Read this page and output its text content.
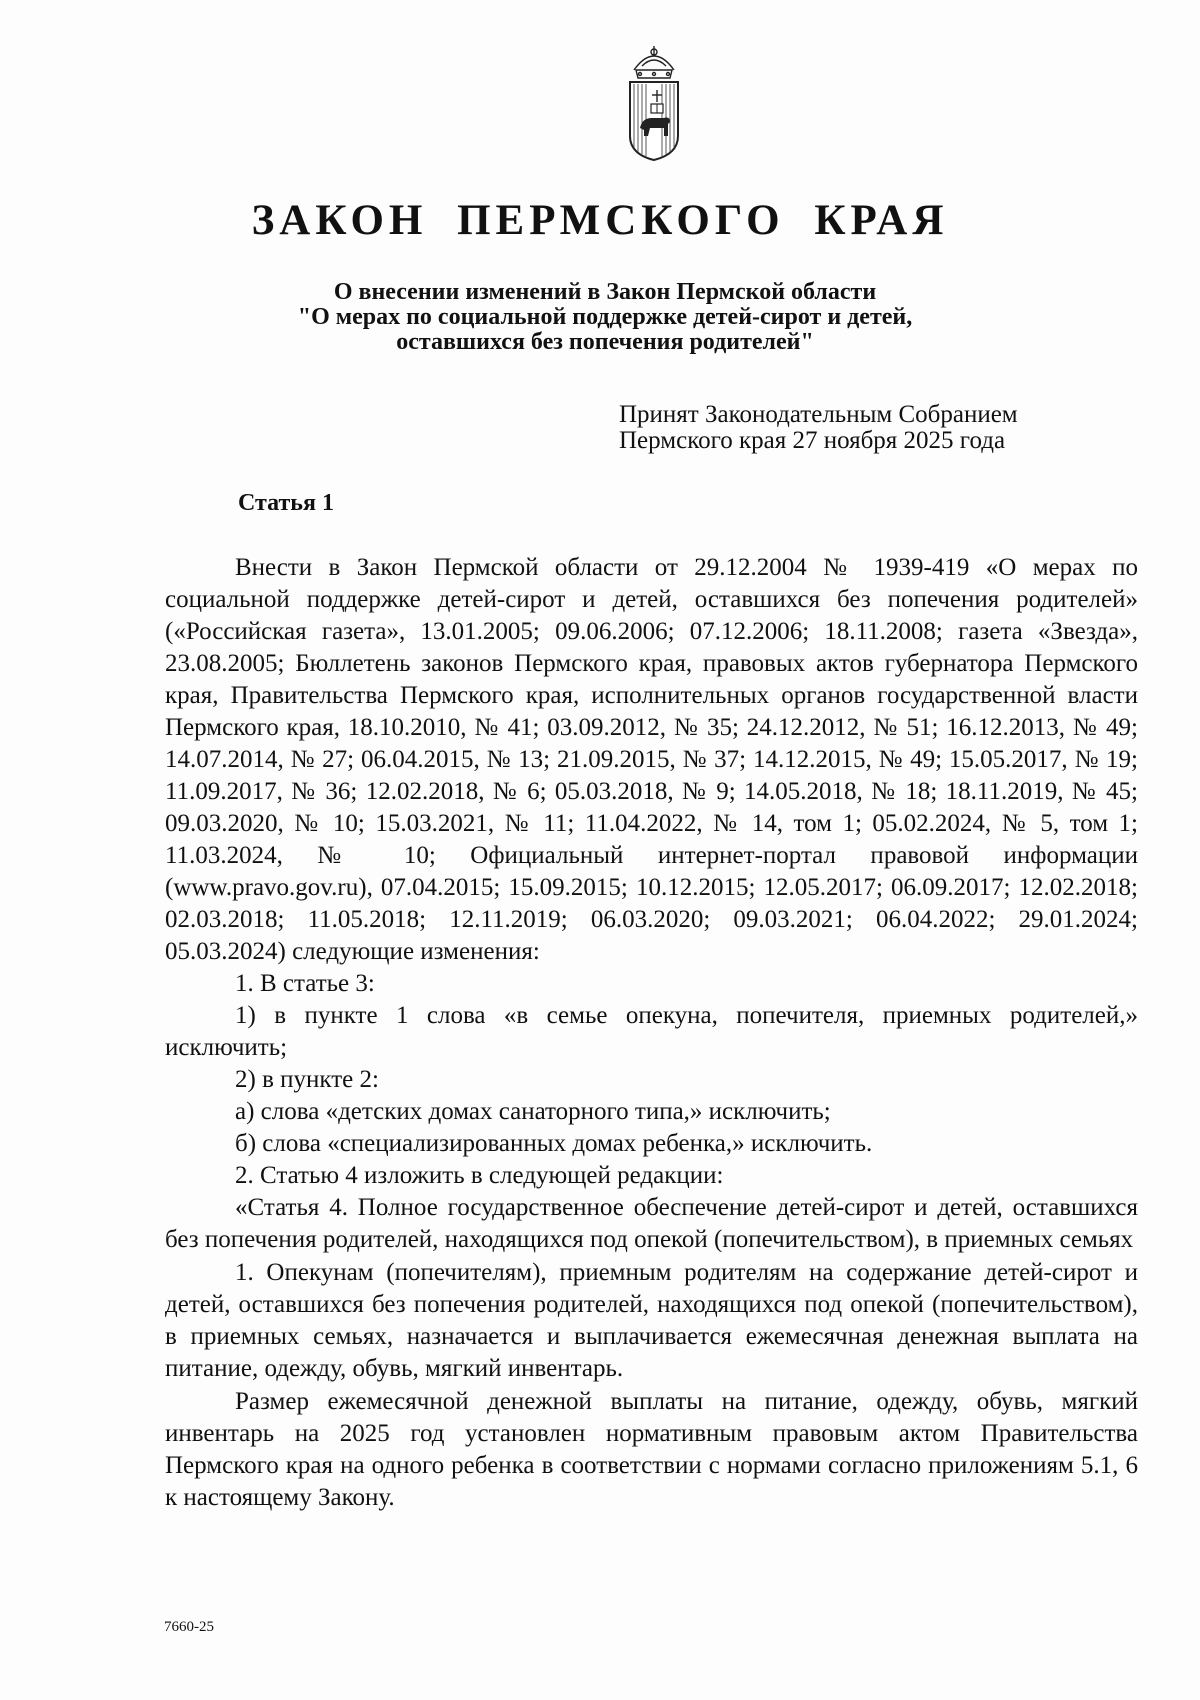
ЗАКОН ПЕРМСКОГО КРАЯ
О внесении изменений в Закон Пермской области
"О мерах по социальной поддержке детей-сирот и детей,
оставшихся без попечения родителей"
Принят Законодательным Собранием
Пермского края 27 ноября 2025 года
Статья 1

Внести в Закон Пермской области от 29.12.2004 № 1939-419 «О мерах по социальной поддержке детей-сирот и детей, оставшихся без попечения родителей» («Российская газета», 13.01.2005; 09.06.2006; 07.12.2006; 18.11.2008; газета «Звезда», 23.08.2005; Бюллетень законов Пермского края, правовых актов губернатора Пермского края, Правительства Пермского края, исполнительных органов государственной власти Пермского края, 18.10.2010, № 41; 03.09.2012, № 35; 24.12.2012, № 51; 16.12.2013, № 49; 14.07.2014, № 27; 06.04.2015, № 13; 21.09.2015, № 37; 14.12.2015, № 49; 15.05.2017, № 19; 11.09.2017, № 36; 12.02.2018, № 6; 05.03.2018, № 9; 14.05.2018, № 18; 18.11.2019, № 45; 09.03.2020, № 10; 15.03.2021, № 11; 11.04.2022, № 14, том 1; 05.02.2024, № 5, том 1; 11.03.2024, № 10; Официальный интернет-портал правовой информации (www.pravo.gov.ru), 07.04.2015; 15.09.2015; 10.12.2015; 12.05.2017; 06.09.2017; 12.02.2018; 02.03.2018; 11.05.2018; 12.11.2019; 06.03.2020; 09.03.2021; 06.04.2022; 29.01.2024; 05.03.2024) следующие изменения:

1. В статье 3:

1) в пункте 1 слова «в семье опекуна, попечителя, приемных родителей,» исключить;

2) в пункте 2:

а) слова «детских домах санаторного типа,» исключить;

б) слова «специализированных домах ребенка,» исключить.

2. Статью 4 изложить в следующей редакции:

«Статья 4. Полное государственное обеспечение детей-сирот и детей, оставшихся без попечения родителей, находящихся под опекой (попечительством), в приемных семьях

1. Опекунам (попечителям), приемным родителям на содержание детей-сирот и детей, оставшихся без попечения родителей, находящихся под опекой (попечительством), в приемных семьях, назначается и выплачивается ежемесячная денежная выплата на питание, одежду, обувь, мягкий инвентарь.

Размер ежемесячной денежной выплаты на питание, одежду, обувь, мягкий инвентарь на 2025 год установлен нормативным правовым актом Правительства Пермского края на одного ребенка в соответствии с нормами согласно приложениям 5.1, 6 к настоящему Закону.

7660-25
